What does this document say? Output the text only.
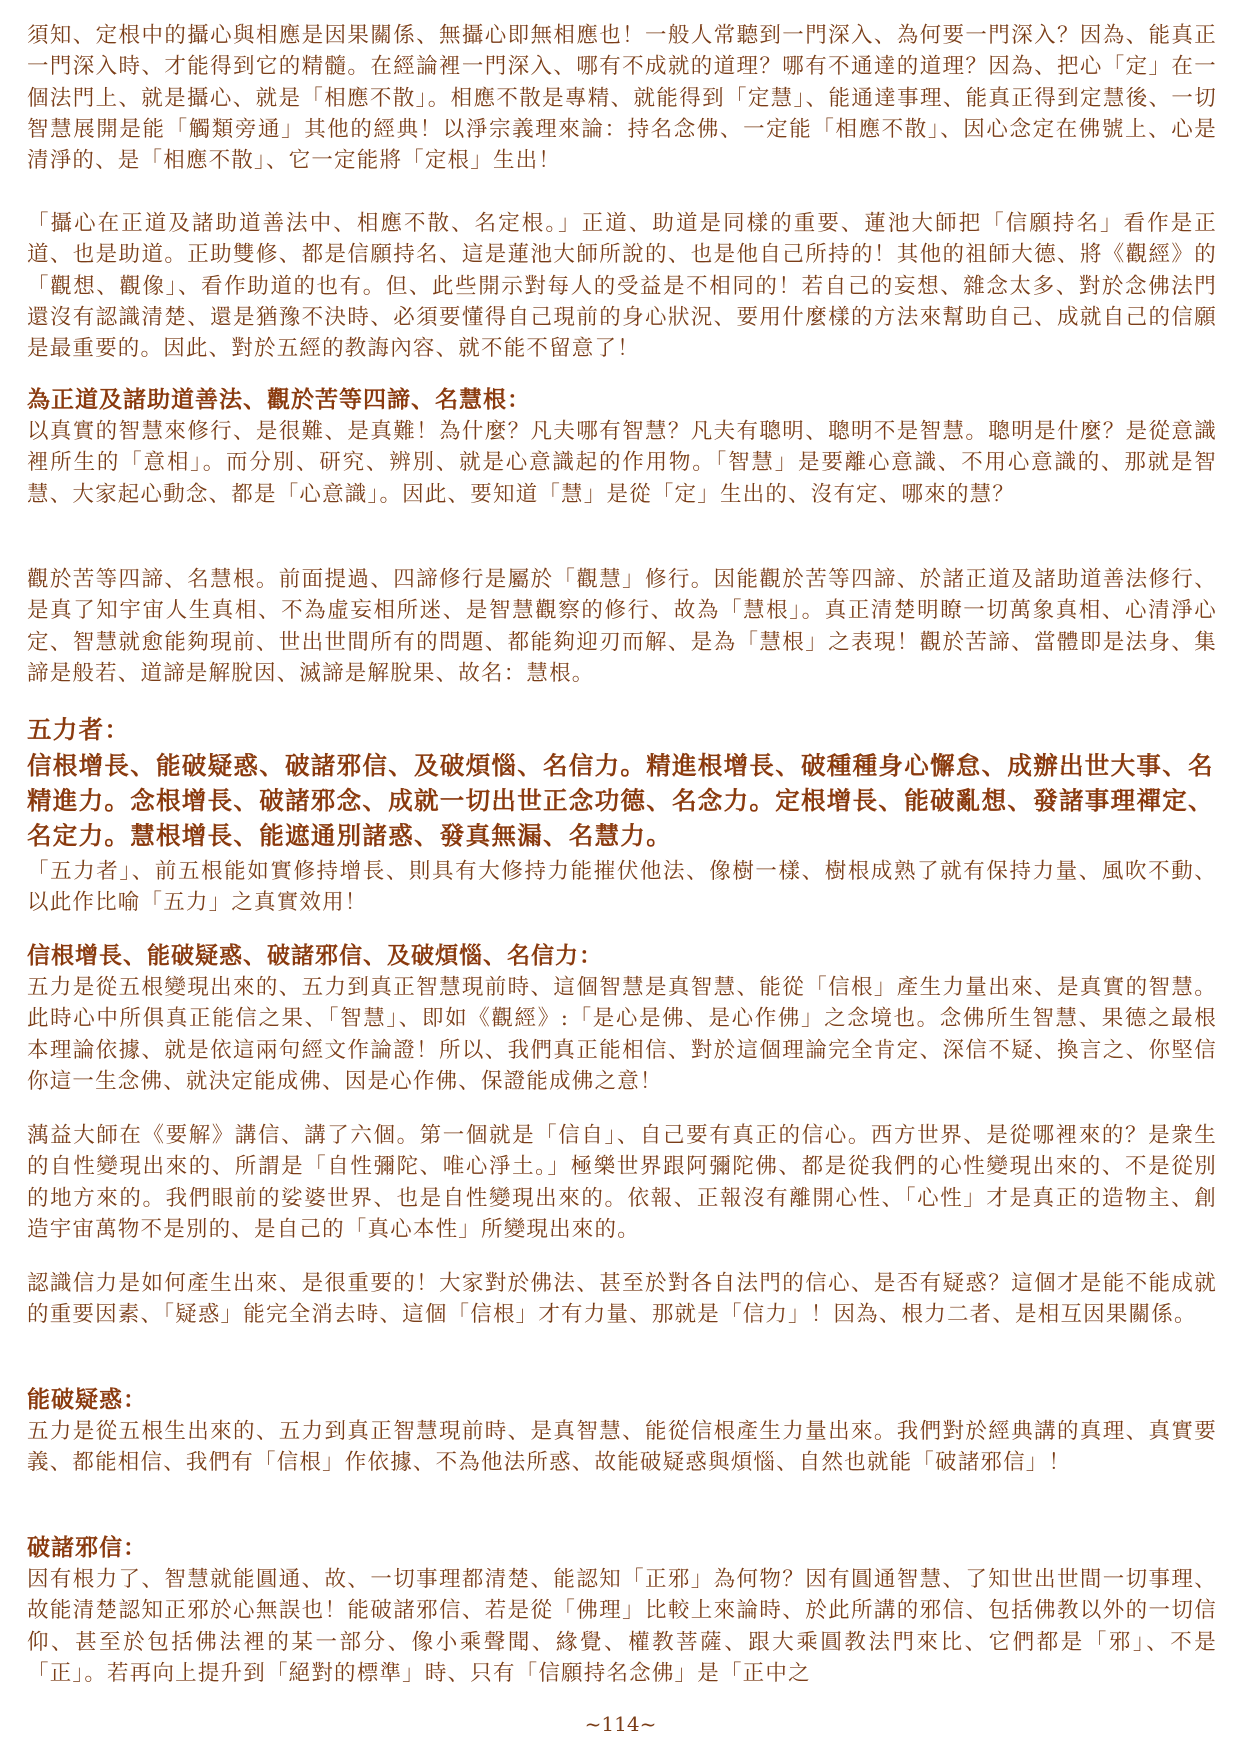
須知、定根中的攝心與相應是因果關係、無攝心即無相應也！一般人常聽到一門深入、為何要一門深入？因為、能真正一門深入時、才能得到它的精髓。在經論裡一門深入、哪有不成就的道理？哪有不通達的道理？因為、把心「定」在一個法門上、就是攝心、就是「相應不散」。相應不散是專精、就能得到「定慧」、能通達事理、能真正得到定慧後、一切智慧展開是能「觸類旁通」其他的經典！以淨宗義理來論：持名念佛、一定能「相應不散」、因心念定在佛號上、心是清淨的、是「相應不散」、它一定能將「定根」生出！

「攝心在正道及諸助道善法中、相應不散、名定根。」正道、助道是同樣的重要、蓮池大師把「信願持名」看作是正道、也是助道。正助雙修、都是信願持名、這是蓮池大師所說的、也是他自己所持的！其他的祖師大德、將《觀經》的「觀想、觀像」、看作助道的也有。但、此些開示對每人的受益是不相同的！若自己的妄想、雜念太多、對於念佛法門還沒有認識清楚、還是猶豫不決時、必須要懂得自己現前的身心狀況、要用什麼樣的方法來幫助自己、成就自己的信願是最重要的。因此、對於五經的教誨內容、就不能不留意了！

為正道及諸助道善法、觀於苦等四諦、名慧根：

以真實的智慧來修行、是很難、是真難！為什麼？凡夫哪有智慧？凡夫有聰明、聰明不是智慧。聰明是什麼？是從意識裡所生的「意相」。而分別、研究、辨別、就是心意識起的作用物。「智慧」是要離心意識、不用心意識的、那就是智慧、大家起心動念、都是「心意識」。因此、要知道「慧」是從「定」生出的、沒有定、哪來的慧？

觀於苦等四諦、名慧根。前面提過、四諦修行是屬於「觀慧」修行。因能觀於苦等四諦、於諸正道及諸助道善法修行、是真了知宇宙人生真相、不為虛妄相所迷、是智慧觀察的修行、故為「慧根」。真正清楚明瞭一切萬象真相、心清淨心定、智慧就愈能夠現前、世出世間所有的問題、都能夠迎刃而解、是為「慧根」之表現！觀於苦諦、當體即是法身、集諦是般若、道諦是解脫因、滅諦是解脫果、故名：慧根。

五力者：
信根增長、能破疑惑、破諸邪信、及破煩惱、名信力。精進根增長、破種種身心懈怠、成辦出世大事、名精進力。念根增長、破諸邪念、成就一切出世正念功德、名念力。定根增長、能破亂想、發諸事理禪定、名定力。慧根增長、能遮通別諸惑、發真無漏、名慧力。

「五力者」、前五根能如實修持增長、則具有大修持力能摧伏他法、像樹一樣、樹根成熟了就有保持力量、風吹不動、以此作比喻「五力」之真實效用！

信根增長、能破疑惑、破諸邪信、及破煩惱、名信力：

五力是從五根變現出來的、五力到真正智慧現前時、這個智慧是真智慧、能從「信根」產生力量出來、是真實的智慧。此時心中所俱真正能信之果、「智慧」、即如《觀經》:「是心是佛、是心作佛」之念境也。念佛所生智慧、果德之最根本理論依據、就是依這兩句經文作論證！所以、我們真正能相信、對於這個理論完全肯定、深信不疑、換言之、你堅信你這一生念佛、就決定能成佛、因是心作佛、保證能成佛之意！

蕅益大師在《要解》講信、講了六個。第一個就是「信自」、自己要有真正的信心。西方世界、是從哪裡來的？是衆生的自性變現出來的、所謂是「自性彌陀、唯心淨土。」極樂世界跟阿彌陀佛、都是從我們的心性變現出來的、不是從別的地方來的。我們眼前的娑婆世界、也是自性變現出來的。依報、正報沒有離開心性、「心性」才是真正的造物主、創造宇宙萬物不是別的、是自己的「真心本性」所變現出來的。

認識信力是如何產生出來、是很重要的！大家對於佛法、甚至於對各自法門的信心、是否有疑惑？這個才是能不能成就的重要因素、「疑惑」能完全消去時、這個「信根」才有力量、那就是「信力」！因為、根力二者、是相互因果關係。

能破疑惑：

五力是從五根生出來的、五力到真正智慧現前時、是真智慧、能從信根產生力量出來。我們對於經典講的真理、真實要義、都能相信、我們有「信根」作依據、不為他法所惑、故能破疑惑與煩惱、自然也就能「破諸邪信」！

破諸邪信：

因有根力了、智慧就能圓通、故、一切事理都清楚、能認知「正邪」為何物？因有圓通智慧、了知世出世間一切事理、故能清楚認知正邪於心無誤也！能破諸邪信、若是從「佛理」比較上來論時、於此所講的邪信、包括佛教以外的一切信仰、甚至於包括佛法裡的某一部分、像小乘聲聞、緣覺、權教菩薩、跟大乘圓教法門來比、它們都是「邪」、不是「正」。若再向上提升到「絕對的標準」時、只有「信願持名念佛」是「正中之

~114~
